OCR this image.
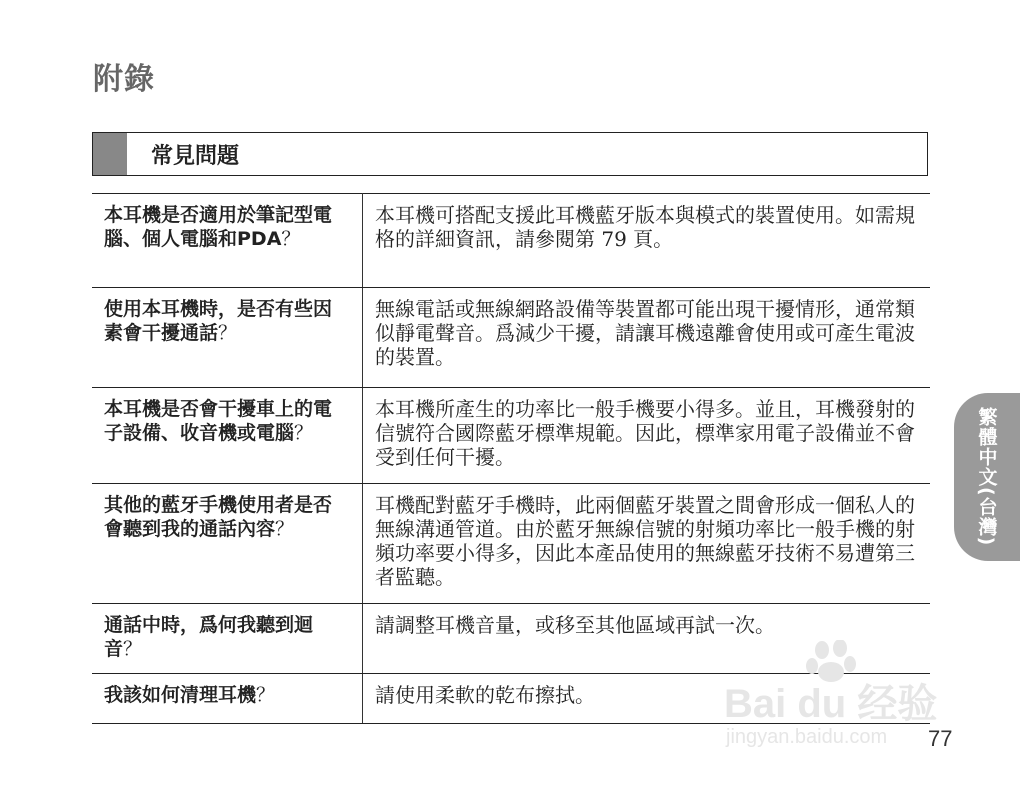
附錄
常見問題
本耳機是否適用於筆記型電腦、個人電腦和PDA？	本耳機可搭配支援此耳機藍牙版本與模式的裝置使用。如需規格的詳細資訊，請參閱第 79 頁。
使用本耳機時，是否有些因素會干擾通話？	無線電話或無線網路設備等裝置都可能出現干擾情形，通常類似靜電聲音。爲減少干擾，請讓耳機遠離會使用或可產生電波的裝置。
本耳機是否會干擾車上的電子設備、收音機或電腦？	本耳機所產生的功率比一般手機要小得多。並且，耳機發射的信號符合國際藍牙標準規範。因此，標準家用電子設備並不會受到任何干擾。
其他的藍牙手機使用者是否會聽到我的通話內容？	耳機配對藍牙手機時，此兩個藍牙裝置之間會形成一個私人的無線溝通管道。由於藍牙無線信號的射頻功率比一般手機的射頻功率要小得多，因此本產品使用的無線藍牙技術不易遭第三者監聽。
通話中時，爲何我聽到迴音？	請調整耳機音量，或移至其他區域再試一次。
我該如何清理耳機？	請使用柔軟的乾布擦拭。
繁體中文(台灣)
Bai du 经验
jingyan.baidu.com 77
